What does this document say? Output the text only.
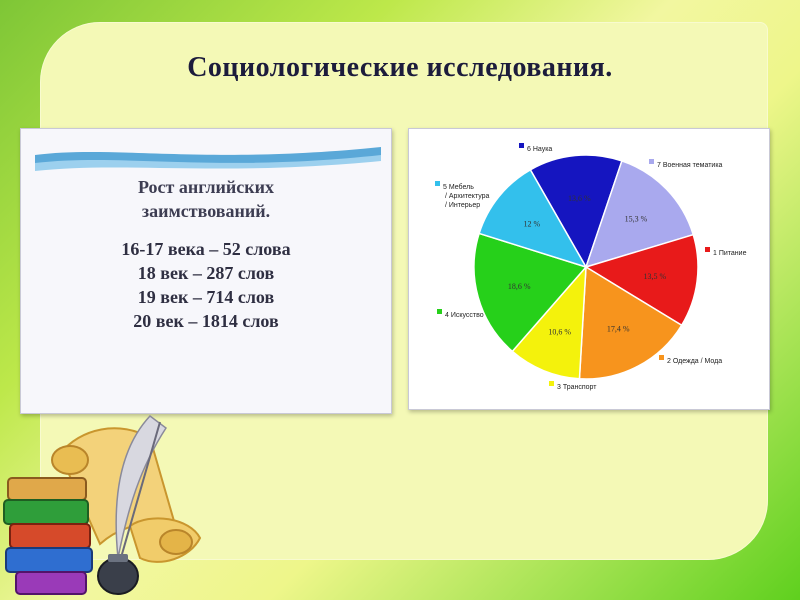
Социологические исследования.
Рост английских
заимствований.
16-17 века – 52 слова
18 век – 287 слов
19 век – 714 слов
20 век – 1814 слов
13,6 %
6 Наука
15,3 %
7 Военная тематика
13,5 %
1 Питание
17,4 %
2 Одежда / Мода
10,6 %
3 Транспорт
18,6 %
4 Искусство
12 %
5 Мебель / Архитектура / Интерьер
